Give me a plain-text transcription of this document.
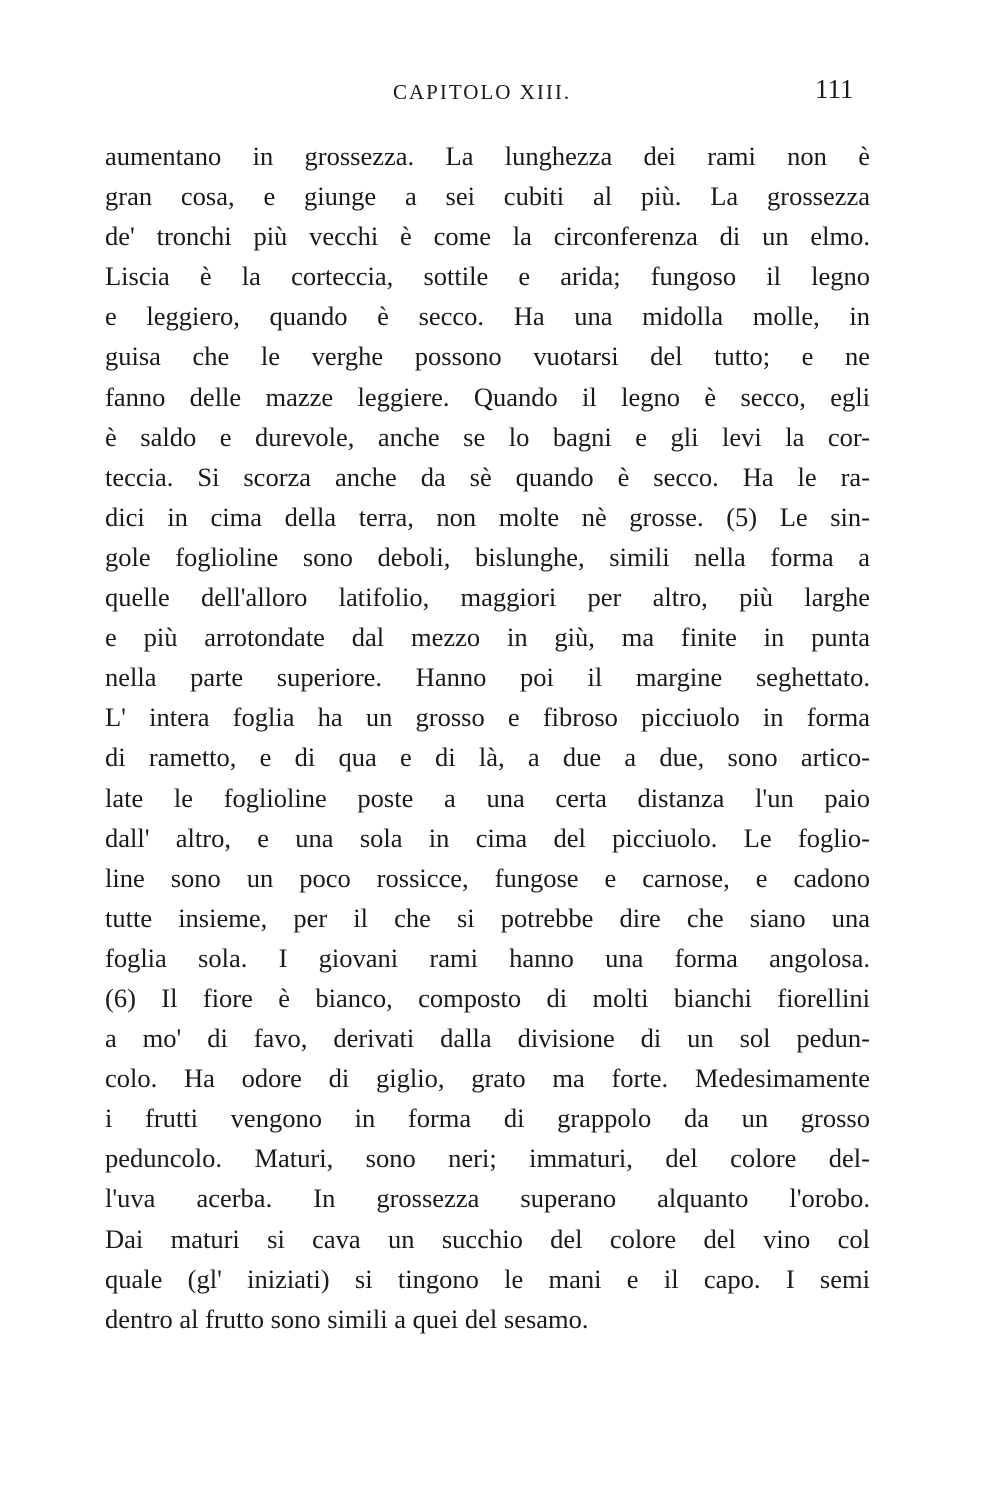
CAPITOLO XIII.	111
aumentano in grossezza. La lunghezza dei rami non è
gran cosa, e giunge a sei cubiti al più. La grossezza
de' tronchi più vecchi è come la circonferenza di un elmo.
Liscia è la corteccia, sottile e arida; fungoso il legno
e leggiero, quando è secco. Ha una midolla molle, in
guisa che le verghe possono vuotarsi del tutto; e ne
fanno delle mazze leggiere. Quando il legno è secco, egli
è saldo e durevole, anche se lo bagni e gli levi la cor-
teccia. Si scorza anche da sè quando è secco. Ha le ra-
dici in cima della terra, non molte nè grosse. (5) Le sin-
gole foglioline sono deboli, bislunghe, simili nella forma a
quelle dell'alloro latifolio, maggiori per altro, più larghe
e più arrotondate dal mezzo in giù, ma finite in punta
nella parte superiore. Hanno poi il margine seghettato.
L' intera foglia ha un grosso e fibroso picciuolo in forma
di rametto, e di qua e di là, a due a due, sono artico-
late le foglioline poste a una certa distanza l'un paio
dall' altro, e una sola in cima del picciuolo. Le fogliо-
line sono un poco rossicce, fungose e carnose, e cadono
tutte insieme, per il che si potrebbe dire che siano una
foglia sola. I giovani rami hanno una forma angolosa.
(6) Il fiore è bianco, composto di molti bianchi fiorellini
a mo' di favo, derivati dalla divisione di un sol pedun-
colo. Ha odore di giglio, grato ma forte. Medesimamente
i frutti vengono in forma di grappolo da un grosso
peduncolo. Maturi, sono neri; immaturi, del colore del-
l'uva acerba. In grossezza superano alquanto l'orobo.
Dai maturi si cava un succhio del colore del vino col
quale (gl' iniziati) si tingono le mani e il capo. I semi
dentro al frutto sono simili a quei del sesamo.
